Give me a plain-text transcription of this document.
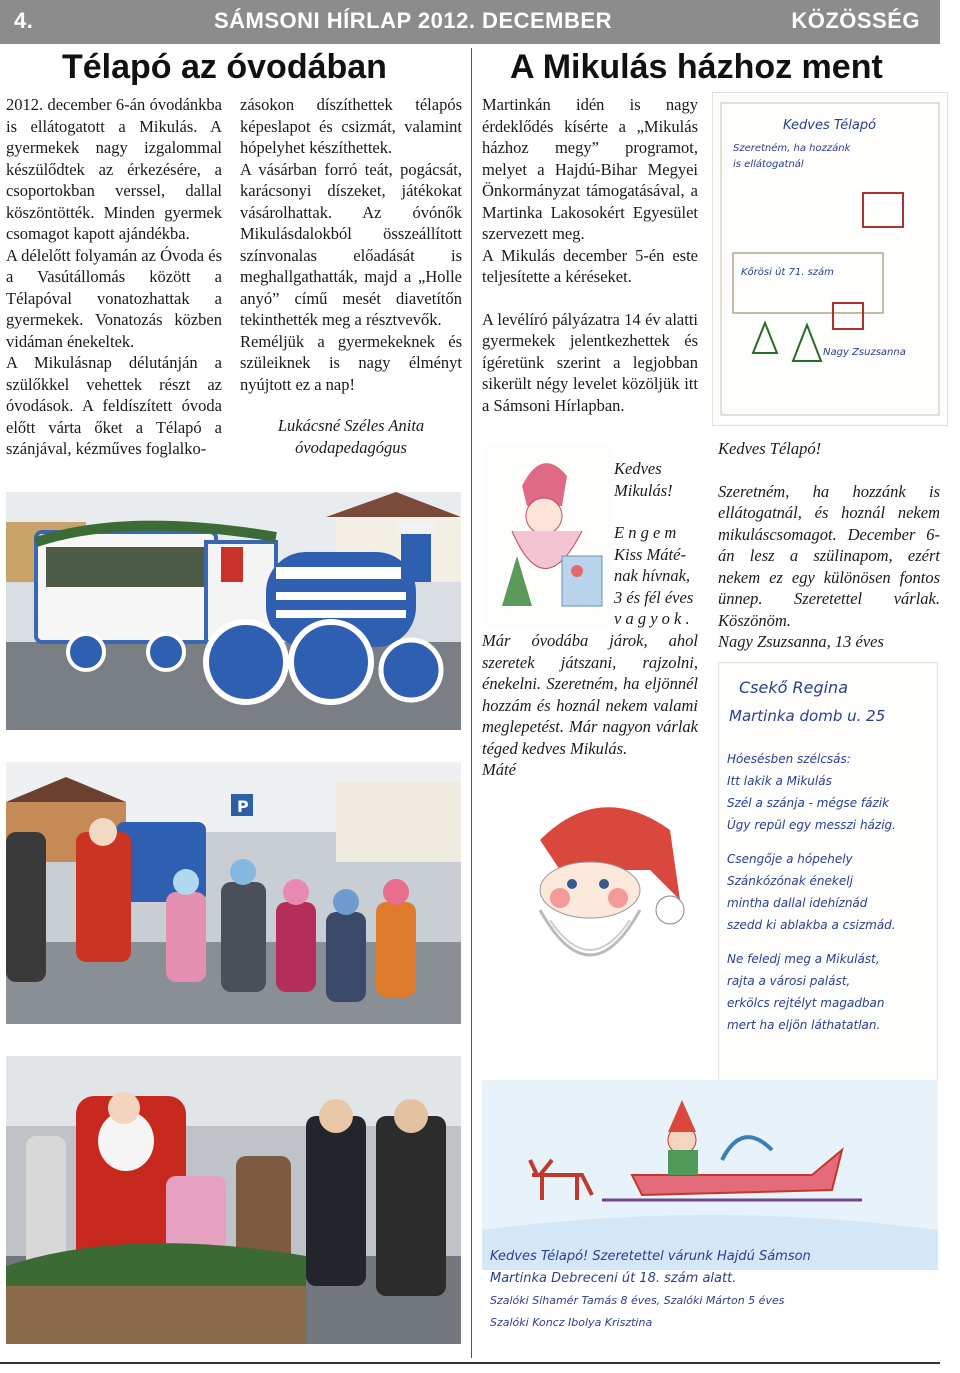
4.	SÁMSONI HÍRLAP 2012. DECEMBER	KÖZÖSSÉG
Télapó az óvodában	A Mikulás házhoz ment

2012. december 6-án óvodánkba is ellátogatott a Mikulás. A gyermekek nagy izgalommal készülődtek az érkezésére, a csoportokban verssel, dallal köszöntötték. Minden gyermek csomagot kapott ajándékba.

A délelőtt folyamán az Óvoda és a Vasútállomás között a Télapóval vonatozhattak a gyermekek. Vonatozás közben vidáman énekeltek.

A Mikulásnap délutánján a szülőkkel vehettek részt az óvodások. A feldíszített óvoda előtt várta őket a Télapó a szánjával, kézműves foglalko-

zásokon díszíthettek télapós képeslapot és csizmát, valamint hópelyhet készíthettek.

A vásárban forró teát, pogácsát, karácsonyi díszeket, játékokat vásárolhattak. Az óvónők Mikulásdalokból összeállított színvonalas előadását is meghallgathatták, majd a „Holle anyó” című mesét diavetítőn tekinthették meg a résztvevők.

Reméljük a gyermekeknek és szüleiknek is nagy élményt nyújtott ez a nap!

Lukácsné Széles Anita

óvodapedagógus

P

Martinkán idén is nagy érdeklődés kísérte a „Mikulás házhoz megy” programot, melyet a Hajdú-Bihar Megyei Önkormányzat támogatásával, a Martinka Lakosokért Egyesület szervezett meg.

A Mikulás december 5-én este teljesítette a kéréseket.

A levélíró pályázatra 14 év alatti gyermekek jelentkezhettek és ígéretünk szerint a legjobban sikerült négy levelet közöljük itt a Sámsoni Hírlapban.

Kedves Télapó
Szeretném, ha hozzánk
is ellátogatnál
Kőrösi út 71. szám
Nagy Zsuzsanna

Kedves Mikulás!

E n g e m

Kiss Máté-

nak hívnak,

3 és fél éves

v a g y o k .

Már óvodába járok, ahol szeretek játszani, rajzolni, énekelni. Szeretném, ha eljönnél hozzám és hoznál nekem valami meglepetést. Már nagyon várlak téged kedves Mikulás.

Máté

Kedves Télapó!

Szeretném, ha hozzánk is ellátogatnál, és hoznál nekem mikuláscsomagot. December 6-án lesz a szülinapom, ezért nekem ez egy különösen fontos ünnep. Szeretettel várlak. Köszönöm.

Nagy Zsuzsanna, 13 éves

Csekő Regina
Martinka domb u. 25
Hóesésben szélcsás:
Itt lakik a Mikulás
Szél a szánja - mégse fázik
Úgy repül egy messzi házig.
Csengője a hópehely
Szánkózónak énekelj
mintha dallal idehíznád
szedd ki ablakba a csizmád.
Ne feledj meg a Mikulást,
rajta a városi palást,
erkölcs rejtélyt magadban
mert ha eljön láthatatlan.
Kedves Télapó! Szeretettel várunk Hajdú Sámson
Martinka Debreceni út 18. szám alatt.
Szalóki Sihamér Tamás 8 éves, Szalóki Márton 5 éves
Szalóki Koncz Ibolya Krisztina
